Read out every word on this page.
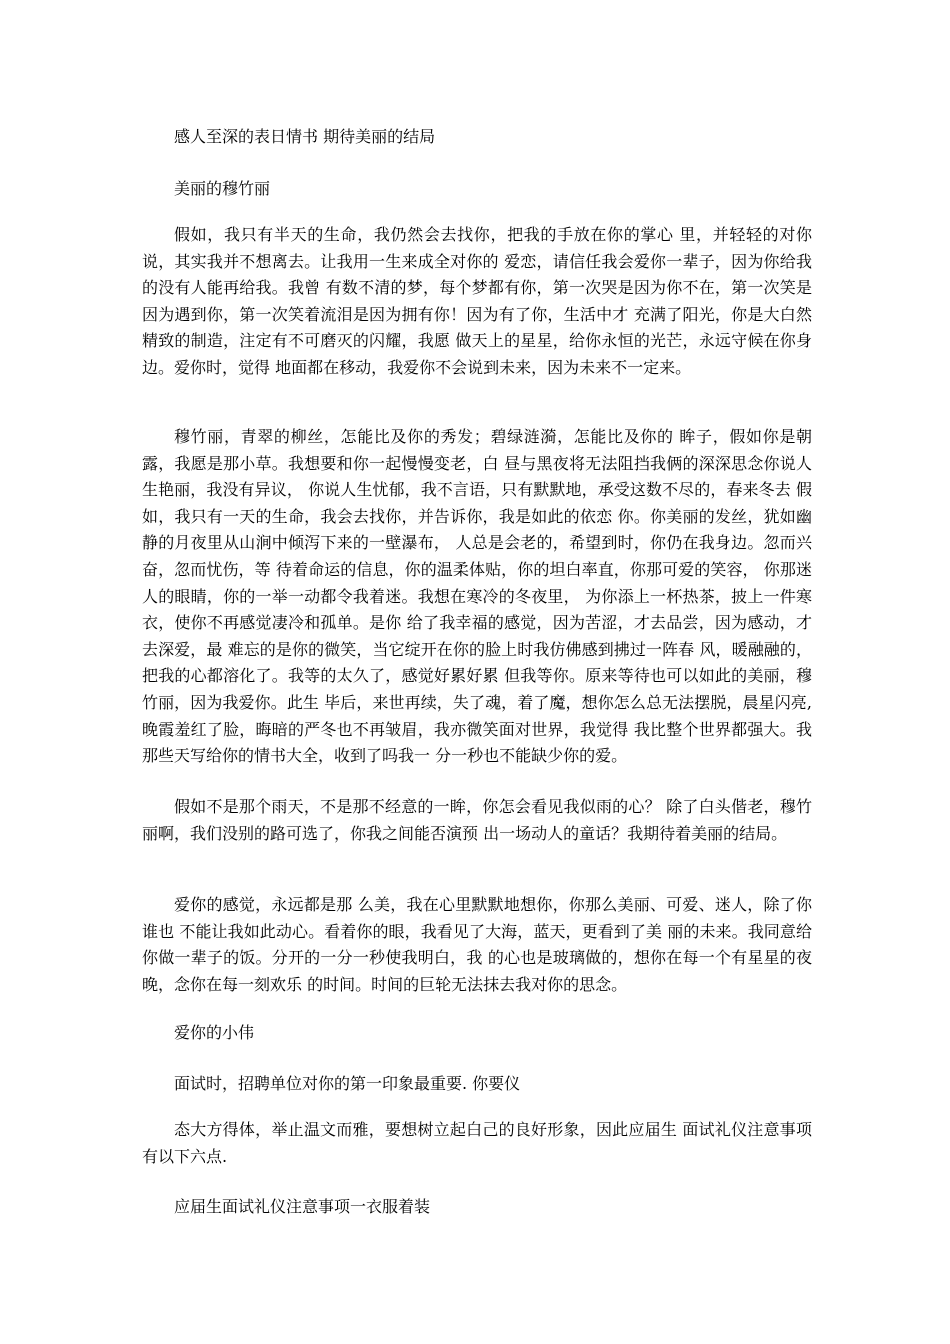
感人至深的表日情书 期待美丽的结局

美丽的穆竹丽

假如，我只有半天的生命，我仍然会去找你，把我的手放在你的掌心 里，并轻轻的对你说，其实我并不想离去。让我用一生来成全对你的 爱恋，请信任我会爱你一辈子，因为你给我的没有人能再给我。我曾 有数不清的梦，每个梦都有你，第一次哭是因为你不在，第一次笑是 因为遇到你，第一次笑着流泪是因为拥有你！因为有了你，生活中才 充满了阳光，你是大白然精致的制造，注定有不可磨灭的闪耀，我愿 做天上的星星，给你永恒的光芒，永远守候在你身边。爱你时，觉得 地面都在移动，我爱你不会说到未来，因为未来不一定来。

穆竹丽，青翠的柳丝，怎能比及你的秀发；碧绿涟漪，怎能比及你的 眸子，假如你是朝露，我愿是那小草。我想要和你一起慢慢变老，白 昼与黑夜将无法阻挡我俩的深深思念你说人生艳丽，我没有异议， 你说人生忧郁，我不言语，只有默默地，承受这数不尽的，春来冬去 假如，我只有一天的生命，我会去找你，并告诉你，我是如此的依恋 你。你美丽的发丝，犹如幽静的月夜里从山涧中倾泻下来的一壁瀑布， 人总是会老的，希望到时，你仍在我身边。忽而兴奋，忽而忧伤，等 待着命运的信息，你的温柔体贴，你的坦白率直，你那可爱的笑容， 你那迷人的眼睛，你的一举一动都令我着迷。我想在寒冷的冬夜里， 为你添上一杯热茶，披上一件寒衣，使你不再感觉凄冷和孤单。是你 给了我幸福的感觉，因为苦涩，才去品尝，因为感动，才去深爱，最 难忘的是你的微笑，当它绽开在你的脸上时我仿佛感到拂过一阵春 风，暖融融的，把我的心都溶化了。我等的太久了，感觉好累好累 但我等你。原来等待也可以如此的美丽，穆竹丽，因为我爱你。此生 毕后，来世再续，失了魂，着了魔，想你怎么总无法摆脱，晨星闪亮, 晚霞羞红了脸，晦暗的严冬也不再皱眉，我亦微笑面对世界，我觉得 我比整个世界都强大。我那些天写给你的情书大全，收到了吗我一 分一秒也不能缺少你的爱。

假如不是那个雨天，不是那不经意的一眸，你怎会看见我似雨的心？ 除了白头偕老，穆竹丽啊，我们没别的路可选了，你我之间能否演预 出一场动人的童话？我期待着美丽的结局。

爱你的感觉，永远都是那 么美，我在心里默默地想你，你那么美丽、可爱、迷人，除了你谁也 不能让我如此动心。看着你的眼，我看见了大海，蓝天，更看到了美 丽的未来。我同意给你做一辈子的饭。分开的一分一秒使我明白，我 的心也是玻璃做的，想你在每一个有星星的夜晚，念你在每一刻欢乐 的时间。时间的巨轮无法抹去我对你的思念。

爱你的小伟

面试时，招聘单位对你的第一印象最重要. 你要仪

态大方得体，举止温文而雅，要想树立起白己的良好形象，因此应届生 面试礼仪注意事项有以下六点.

应届生面试礼仪注意事项一衣服着装
